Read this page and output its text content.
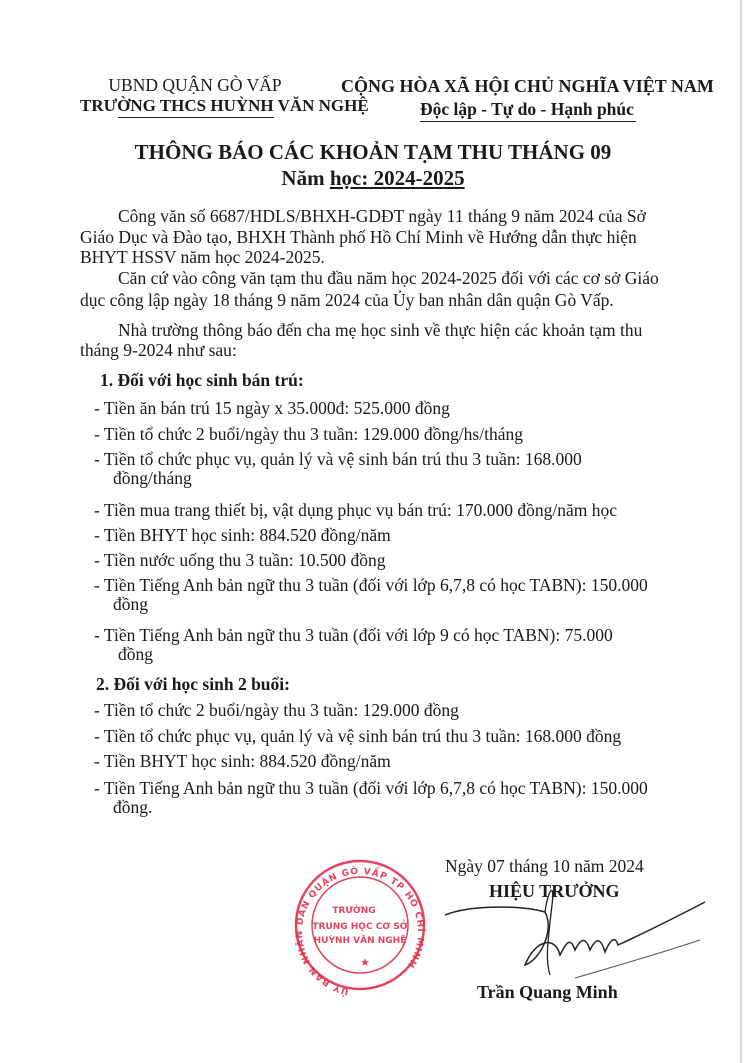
UBND QUẬN GÒ VẤP
TRƯỜNG THCS HUỲNH VĂN NGHỆ
CỘNG HÒA XÃ HỘI CHỦ NGHĨA VIỆT NAM
Độc lập - Tự do - Hạnh phúc
THÔNG BÁO CÁC KHOẢN TẠM THU THÁNG 09
Năm học: 2024-2025
Công văn số 6687/HDLS/BHXH-GDĐT ngày 11 tháng 9 năm 2024 của Sở
Giáo Dục và Đào tạo, BHXH Thành phố Hồ Chí Minh về Hướng dẫn thực hiện
BHYT HSSV năm học 2024-2025.
Căn cứ vào công văn tạm thu đầu năm học 2024-2025 đối với các cơ sở Giáo
dục công lập ngày 18 tháng 9 năm 2024 của Ủy ban nhân dân quận Gò Vấp.
Nhà trường thông báo đến cha mẹ học sinh về thực hiện các khoản tạm thu
tháng 9-2024 như sau:
1. Đối với học sinh bán trú:
- Tiền ăn bán trú 15 ngày x 35.000đ: 525.000 đồng
- Tiền tổ chức 2 buổi/ngày thu 3 tuần: 129.000 đồng/hs/tháng
- Tiền tổ chức phục vụ, quản lý và vệ sinh bán trú thu 3 tuần: 168.000
đồng/tháng
- Tiền mua trang thiết bị, vật dụng phục vụ bán trú: 170.000 đồng/năm học
- Tiền BHYT học sinh: 884.520 đồng/năm
- Tiền nước uống thu 3 tuần: 10.500 đồng
- Tiền Tiếng Anh bản ngữ thu 3 tuần (đối với lớp 6,7,8 có học TABN): 150.000
đồng
- Tiền Tiếng Anh bản ngữ thu 3 tuần (đối với lớp 9 có học TABN): 75.000
đồng
2. Đối với học sinh 2 buổi:
- Tiền tổ chức 2 buổi/ngày thu 3 tuần: 129.000 đồng
- Tiền tổ chức phục vụ, quản lý và vệ sinh bán trú thu 3 tuần: 168.000 đồng
- Tiền BHYT học sinh: 884.520 đồng/năm
- Tiền Tiếng Anh bản ngữ thu 3 tuần (đối với lớp 6,7,8 có học TABN): 150.000
đồng.
Ngày 07 tháng 10 năm 2024
ỦY BAN NHÂN DÂN QUẬN GÒ VẤP TP HỒ CHÍ MINH
TRƯỜNG
TRUNG HỌC CƠ SỞ
HUỲNH VĂN NGHỆ
★
HIỆU TRƯỞNG
Trần Quang Minh
